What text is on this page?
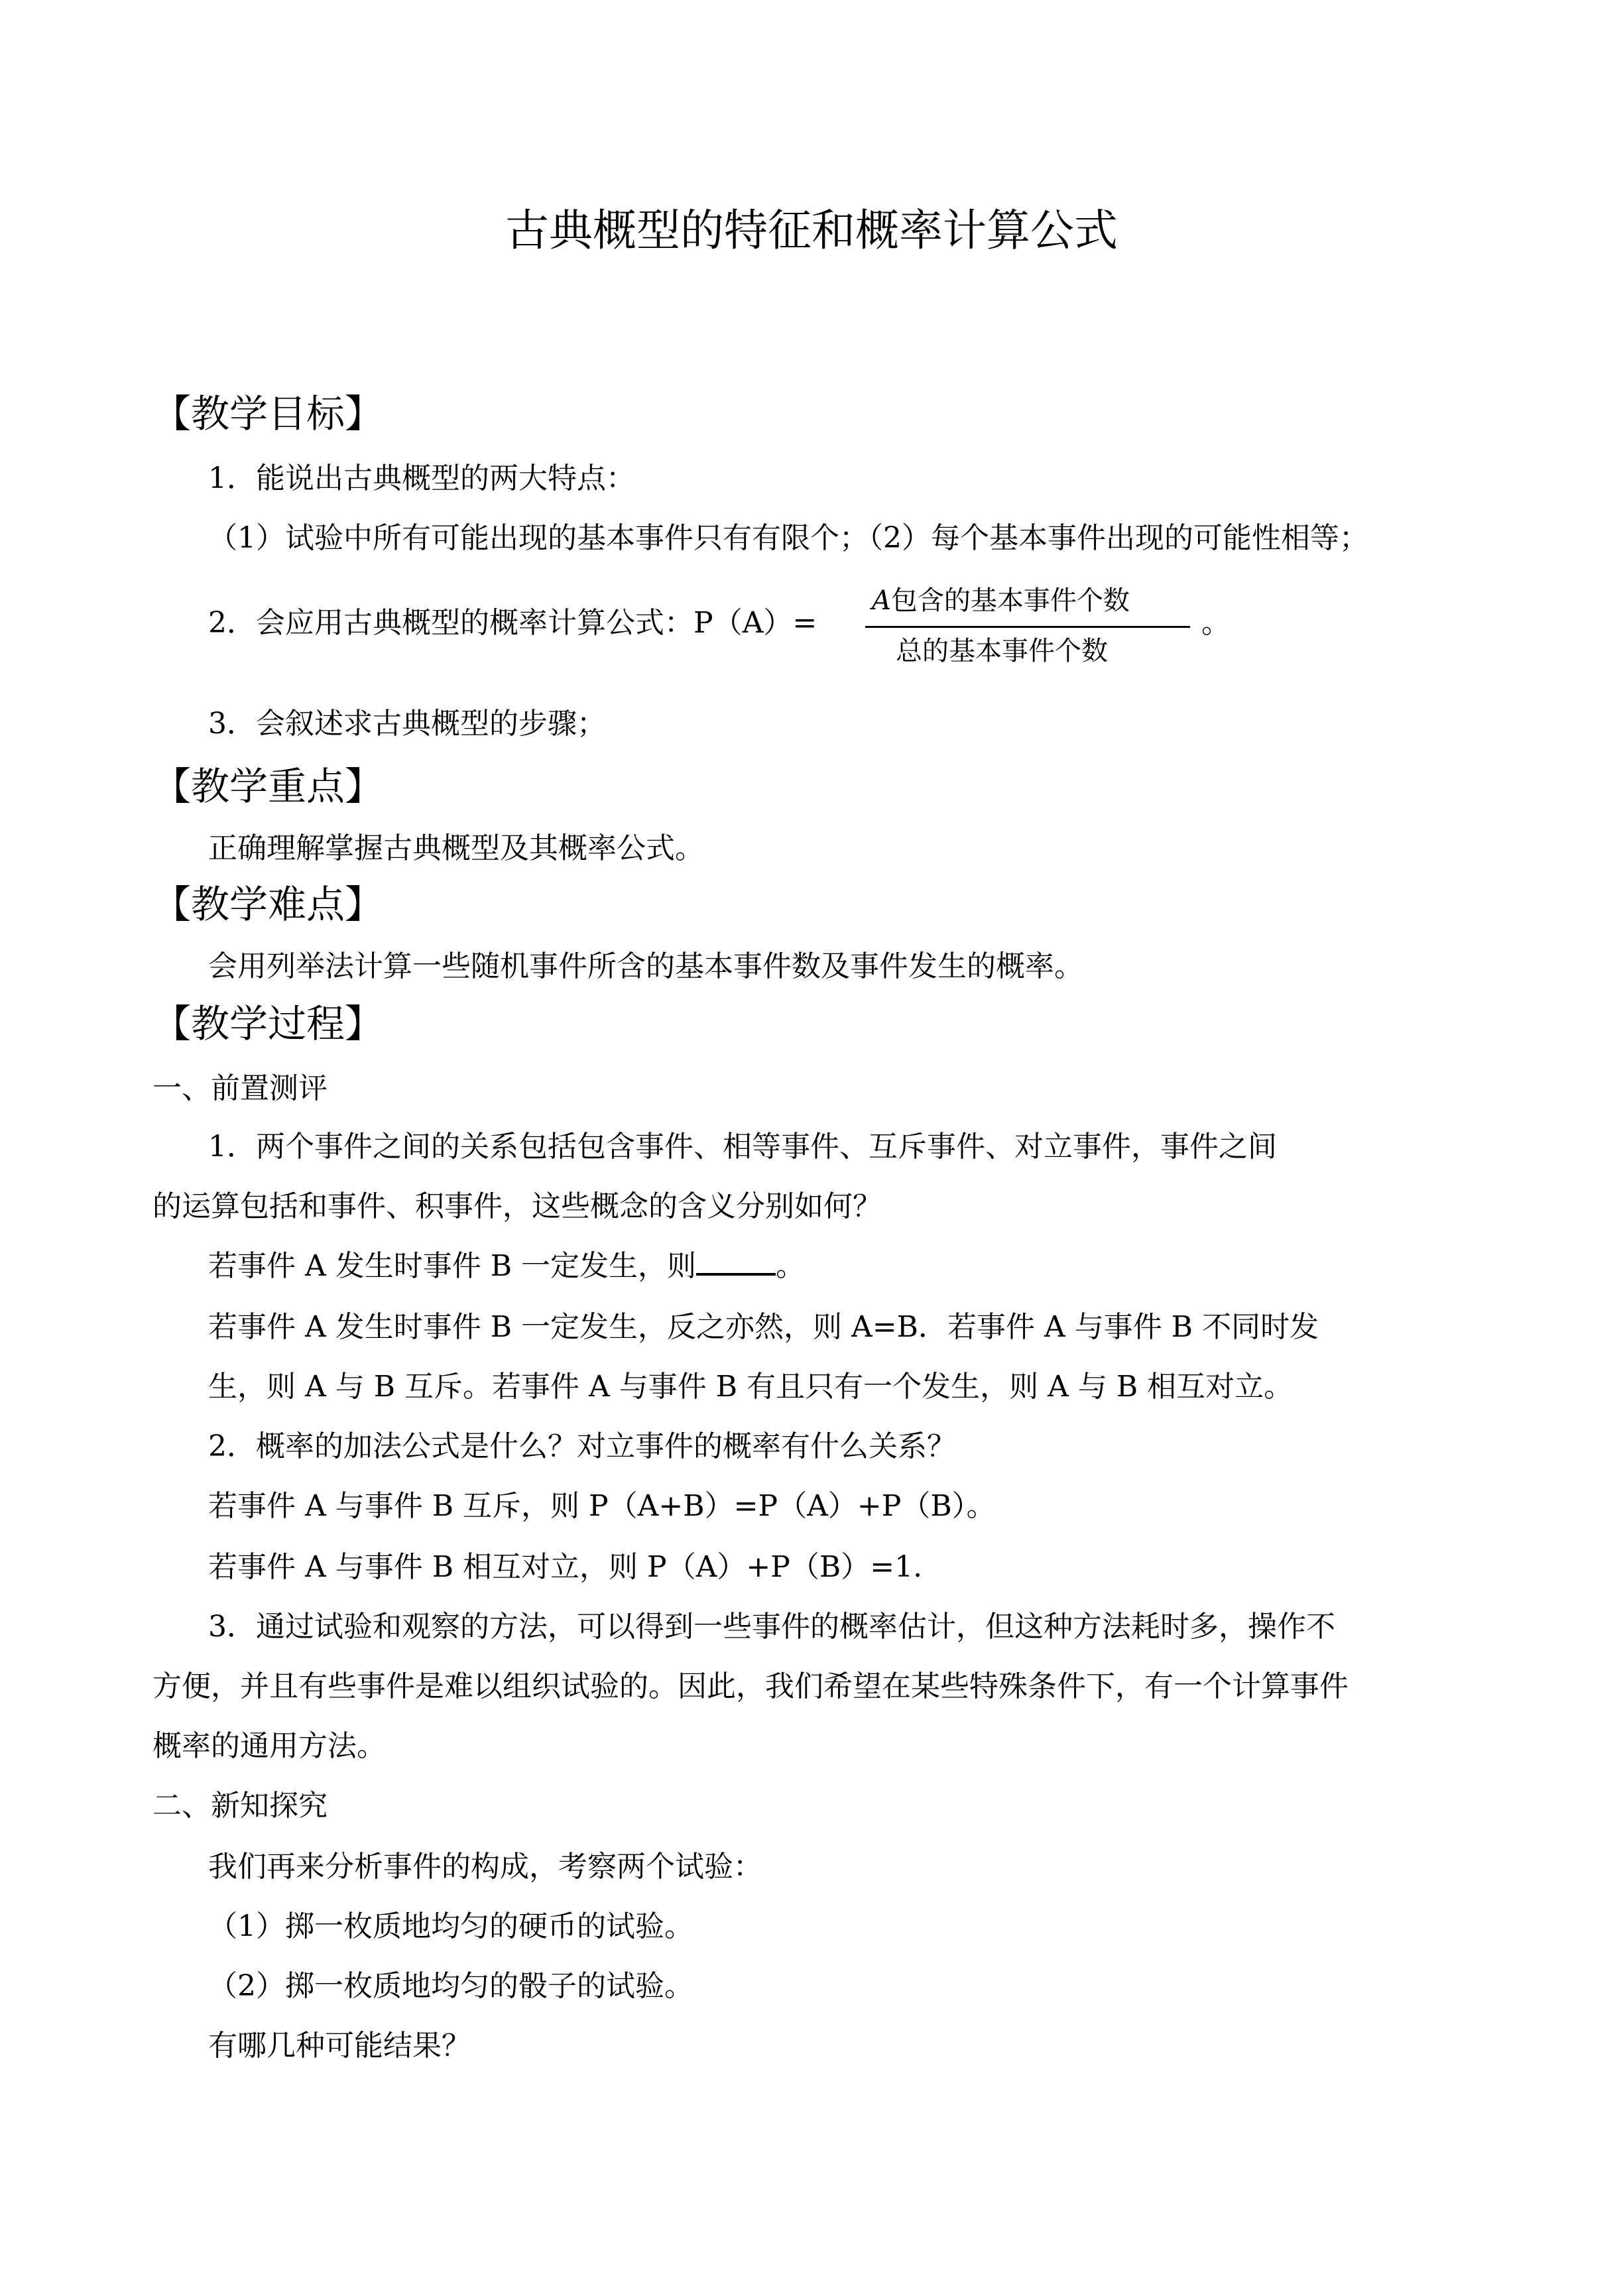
古典概型的特征和概率计算公式
【教学目标】
1．能说出古典概型的两大特点：
（1）试验中所有可能出现的基本事件只有有限个；（2）每个基本事件出现的可能性相等；
2．会应用古典概型的概率计算公式：P（A）=
A包含的基本事件个数
总的基本事件个数
。
3．会叙述求古典概型的步骤；
【教学重点】
正确理解掌握古典概型及其概率公式。
【教学难点】
会用列举法计算一些随机事件所含的基本事件数及事件发生的概率。
【教学过程】
一、前置测评
1．两个事件之间的关系包括包含事件、相等事件、互斥事件、对立事件，事件之间
的运算包括和事件、积事件，这些概念的含义分别如何？
若事件 A 发生时事件 B 一定发生，则	。
若事件 A 发生时事件 B 一定发生，反之亦然，则 A=B．若事件 A 与事件 B 不同时发
生，则 A 与 B 互斥。若事件 A 与事件 B 有且只有一个发生，则 A 与 B 相互对立。
2．概率的加法公式是什么？对立事件的概率有什么关系？
若事件 A 与事件 B 互斥，则 P（A+B）=P（A）+P（B）。
若事件 A 与事件 B 相互对立，则 P（A）+P（B）=1.
3．通过试验和观察的方法，可以得到一些事件的概率估计，但这种方法耗时多，操作不
方便，并且有些事件是难以组织试验的。因此，我们希望在某些特殊条件下，有一个计算事件
概率的通用方法。
二、新知探究
我们再来分析事件的构成，考察两个试验：
（1）掷一枚质地均匀的硬币的试验。
（2）掷一枚质地均匀的骰子的试验。
有哪几种可能结果？
